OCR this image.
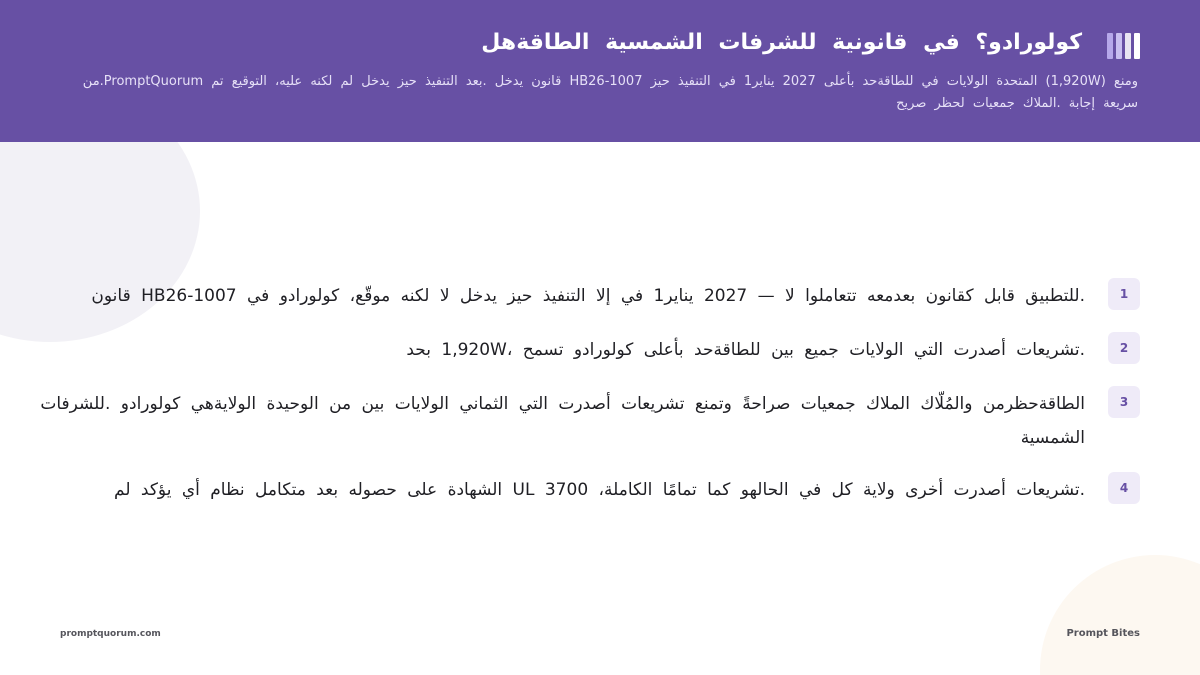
كولورادو؟ في قانونية للشرفات الشمسية الطاقةهل
ومنع (1,920W) المتحدة الولايات في للطاقةحد بأعلى 2027 يناير1 في التنفيذ حيز HB26-1007 قانون يدخل .بعد التنفيذ حيز يدخل لم لكنه عليه، التوقيع تم PromptQuorum.من سريعة إجابة .الملاك جمعيات لحظر صريح
1
.للتطبيق قابل كقانون بعدمعه تتعاملوا لا — 2027 يناير1 في إلا التنفيذ حيز يدخل لا لكنه موقّع، كولورادو في HB26-1007 قانون
2
.تشريعات أصدرت التي الولايات جميع بين للطاقةحد بأعلى كولورادو تسمح ،1,920W بحد
3
الطاقةحظرمن والمُلّاك الملاك جمعيات صراحةً وتمنع تشريعات أصدرت التي الثماني الولايات بين من الوحيدة الولايةهي كولورادو .للشرفات الشمسية
4
.تشريعات أصدرت أخرى ولاية كل في الحالهو كما تمامًا الكاملة، UL 3700 الشهادة على حصوله بعد متكامل نظام أي يؤكد لم
promptquorum.com	Prompt Bites
